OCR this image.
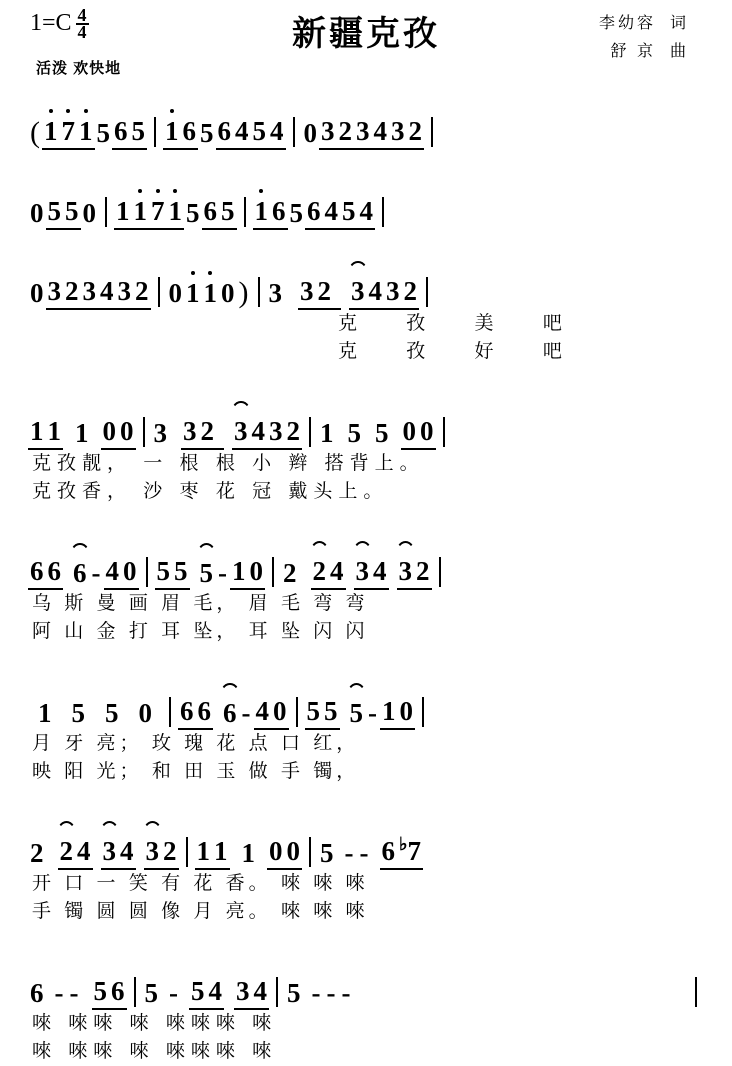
$1=C \frac{4}{4}$
活泼 欢快地
新疆克孜	李幼容 词
舒 京 曲
( 1 7 1 5 6 5 1 6 5 6 4 5 4 0 3 2 3 4 3 2
0 5 5 0 1 1 7 1 5 6 5 1 6 5 6 4 5 4
0 3 2 3 4 3 2 0 1 1 0 ) 3 3 2 3 4 3 2
克 孜 美 吧
克 孜 好 吧
1 1 1 0 0 3 3 2 3 4 3 2 1 5 5 0 0
克孜靓， 一 根 根 小 辫 搭背上。
克孜香， 沙 枣 花 冠 戴头上。
6 6 6 - 4 0 5 5 5 - 1 0 2 2 4 3 4 3 2
乌 斯 曼 画 眉 毛， 眉 毛 弯 弯
阿 山 金 打 耳 坠， 耳 坠 闪 闪
1 5 5 0	6 6 6 - 4 0 5 5 5 - 1 0
月 牙 亮； 玫 瑰 花 点 口 红，
映 阳 光； 和 田 玉 做 手 镯，
2 2 4 3 4 3 2 1 1 1 0 0 5 - - 6 ♭7
开 口 一 笑 有 花 香。 唻 唻 唻
手 镯 圆 圆 像 月 亮。 唻 唻 唻
6 - - 5 6 5 - 5 4 3 4 5 - - -
唻 唻唻 唻 唻唻唻 唻
唻 唻唻 唻 唻唻唻 唻
